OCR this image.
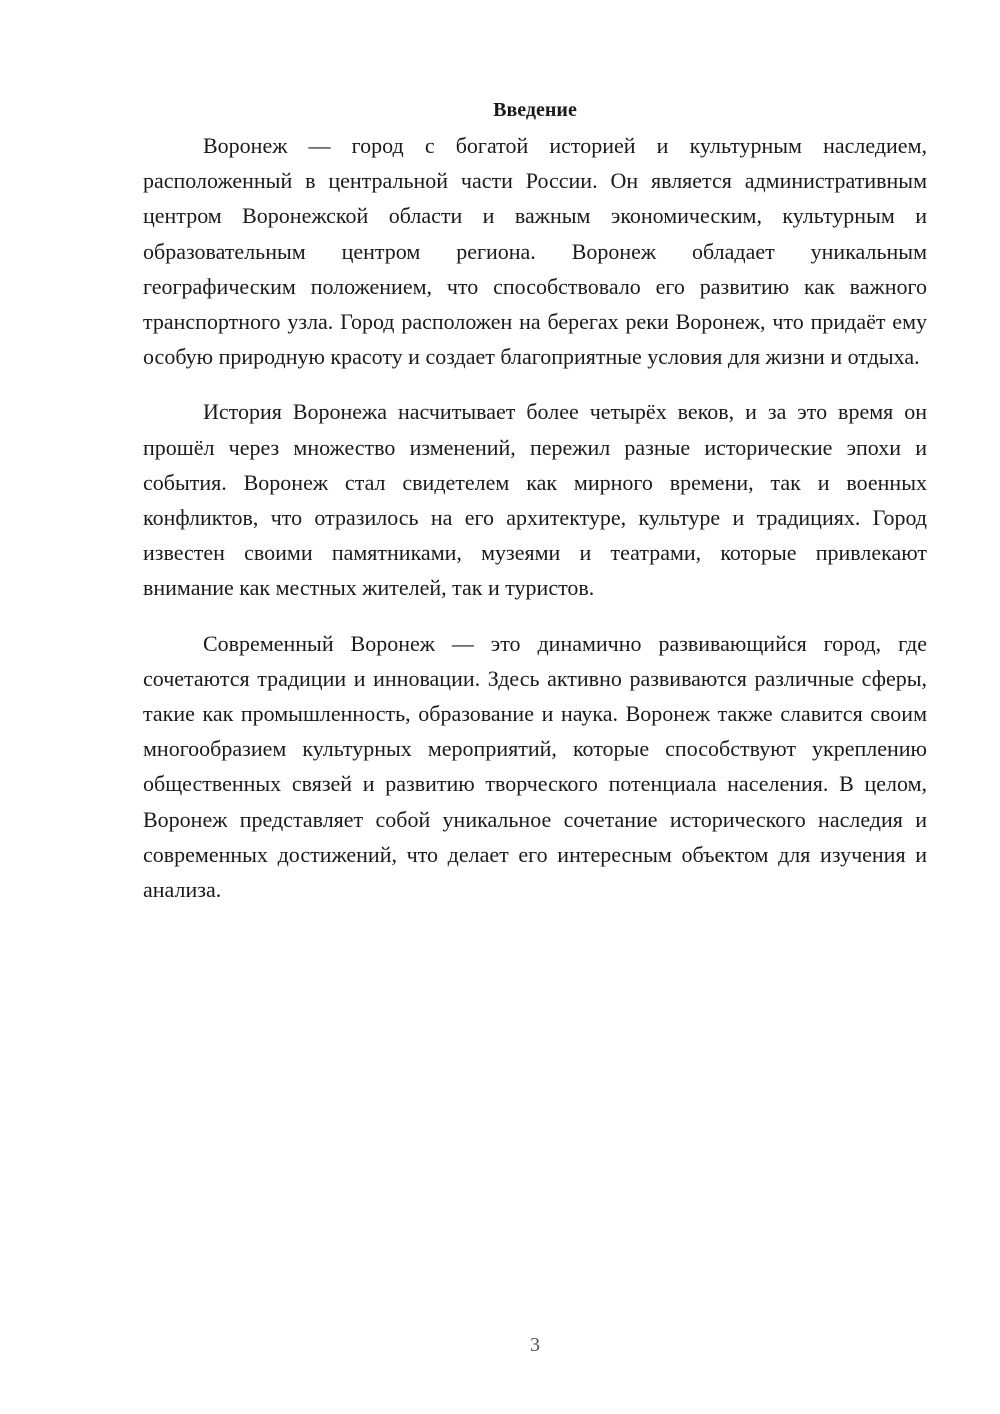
Введение

Воронеж — город с богатой историей и культурным наследием, расположенный в центральной части России. Он является административным центром Воронежской области и важным экономическим, культурным и образовательным центром региона. Воронеж обладает уникальным географическим положением, что способствовало его развитию как важного транспортного узла. Город расположен на берегах реки Воронеж, что придаёт ему особую природную красоту и создает благоприятные условия для жизни и отдыха.

История Воронежа насчитывает более четырёх веков, и за это время он прошёл через множество изменений, пережил разные исторические эпохи и события. Воронеж стал свидетелем как мирного времени, так и военных конфликтов, что отразилось на его архитектуре, культуре и традициях. Город известен своими памятниками, музеями и театрами, которые привлекают внимание как местных жителей, так и туристов.

Современный Воронеж — это динамично развивающийся город, где сочетаются традиции и инновации. Здесь активно развиваются различные сферы, такие как промышленность, образование и наука. Воронеж также славится своим многообразием культурных мероприятий, которые способствуют укреплению общественных связей и развитию творческого потенциала населения. В целом, Воронеж представляет собой уникальное сочетание исторического наследия и современных достижений, что делает его интересным объектом для изучения и анализа.

3
